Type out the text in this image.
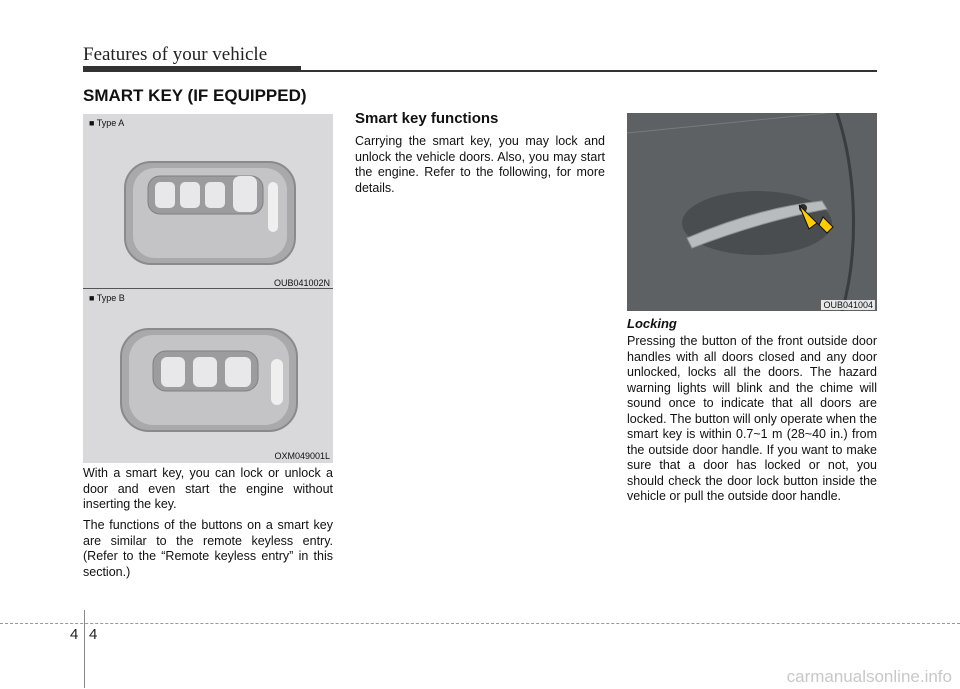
Features of your vehicle
SMART KEY (IF EQUIPPED)
■ Type A
OUB041002N
■ Type B
OXM049001L

With a smart key, you can lock or unlock a door and even start the engine without inserting the key.

The functions of the buttons on a smart key are similar to the remote keyless entry. (Refer to the “Remote keyless entry” in this section.)

Smart key functions

Carrying the smart key, you may lock and unlock the vehicle doors. Also, you may start the engine. Refer to the following, for more details.

OUB041004
Locking

Pressing the button of the front outside door handles with all doors closed and any door unlocked, locks all the doors. The hazard warning lights will blink and the chime will sound once to indicate that all doors are locked. The button will only operate when the smart key is within 0.7~1 m (28~40 in.) from the outside door handle. If you want to make sure that a door has locked or not, you should check the door lock button inside the vehicle or pull the outside door handle.

4 4
carmanualsonline.info
